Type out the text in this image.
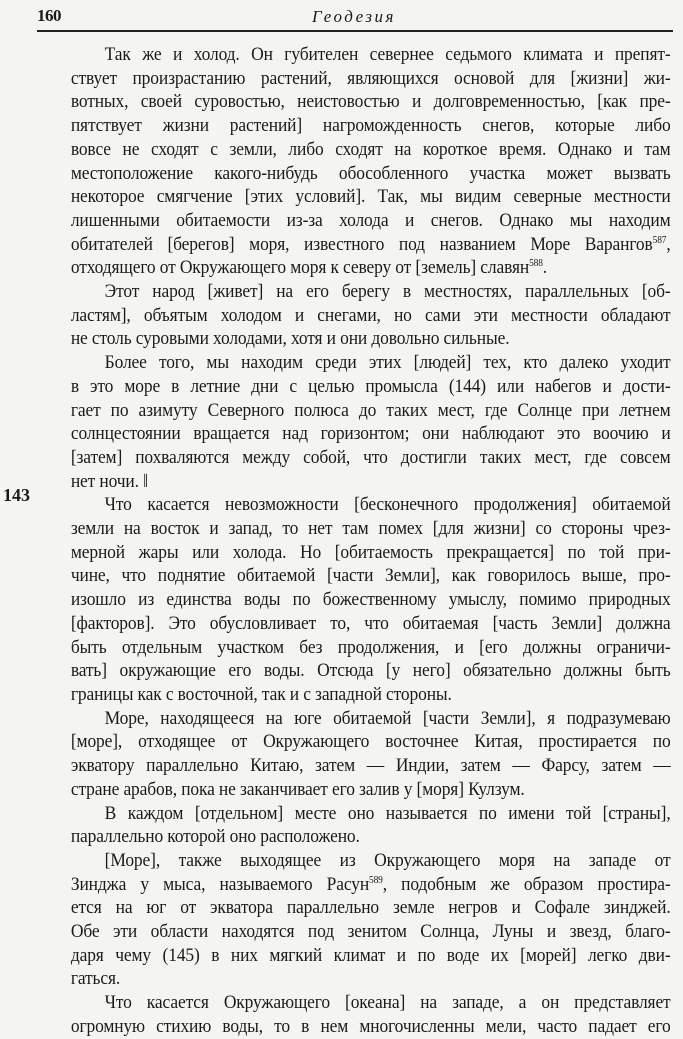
160	Геодезия
143
Так же и холод. Он губителен севернее седьмого климата и препят-
ствует произрастанию растений, являющихся основой для [жизни] жи-
вотных, своей суровостью, неистовостью и долговременностью, [как пре-
пятствует жизни растений] нагроможденность снегов, которые либо
вовсе не сходят с земли, либо сходят на короткое время. Однако и там
местоположение какого-нибудь обособленного участка может вызвать
некоторое смягчение [этих условий]. Так, мы видим северные местности
лишенными обитаемости из-за холода и снегов. Однако мы находим
обитателей [берегов] моря, известного под названием Море Варангов$^{587}$,
отходящего от Окружающего моря к северу от [земель] славян$^{588}$.
Этот народ [живет] на его берегу в местностях, параллельных [об-
ластям], объятым холодом и снегами, но сами эти местности обладают
не столь суровыми холодами, хотя и они довольно сильные.
Более того, мы находим среди этих [людей] тех, кто далеко уходит
в это море в летние дни с целью промысла (144) или набегов и дости-
гает по азимуту Северного полюса до таких мест, где Солнце при летнем
солнцестоянии вращается над горизонтом; они наблюдают это воочию и
[затем] похваляются между собой, что достигли таких мест, где совсем
нет ночи. ‖
Что касается невозможности [бесконечного продолжения] обитаемой
земли на восток и запад, то нет там помех [для жизни] со стороны чрез-
мерной жары или холода. Но [обитаемость прекращается] по той при-
чине, что поднятие обитаемой [части Земли], как говорилось выше, про-
изошло из единства воды по божественному умыслу, помимо природных
[факторов]. Это обусловливает то, что обитаемая [часть Земли] должна
быть отдельным участком без продолжения, и [его должны ограничи-
вать] окружающие его воды. Отсюда [у него] обязательно должны быть
границы как с восточной, так и с западной стороны.
Море, находящееся на юге обитаемой [части Земли], я подразумеваю
[море], отходящее от Окружающего восточнее Китая, простирается по
экватору параллельно Китаю, затем — Индии, затем — Фарсу, затем —
стране арабов, пока не заканчивает его залив у [моря] Кулзум.
В каждом [отдельном] месте оно называется по имени той [страны],
параллельно которой оно расположено.
[Море], также выходящее из Окружающего моря на западе от
Зинджа у мыса, называемого Расун$^{589}$, подобным же образом простира-
ется на юг от экватора параллельно земле негров и Софале зинджей.
Обе эти области находятся под зенитом Солнца, Луны и звезд, благо-
даря чему (145) в них мягкий климат и по воде их [морей] легко дви-
гаться.
Что касается Окружающего [океана] на западе, а он представляет
огромную стихию воды, то в нем многочисленны мели, часто падает его
